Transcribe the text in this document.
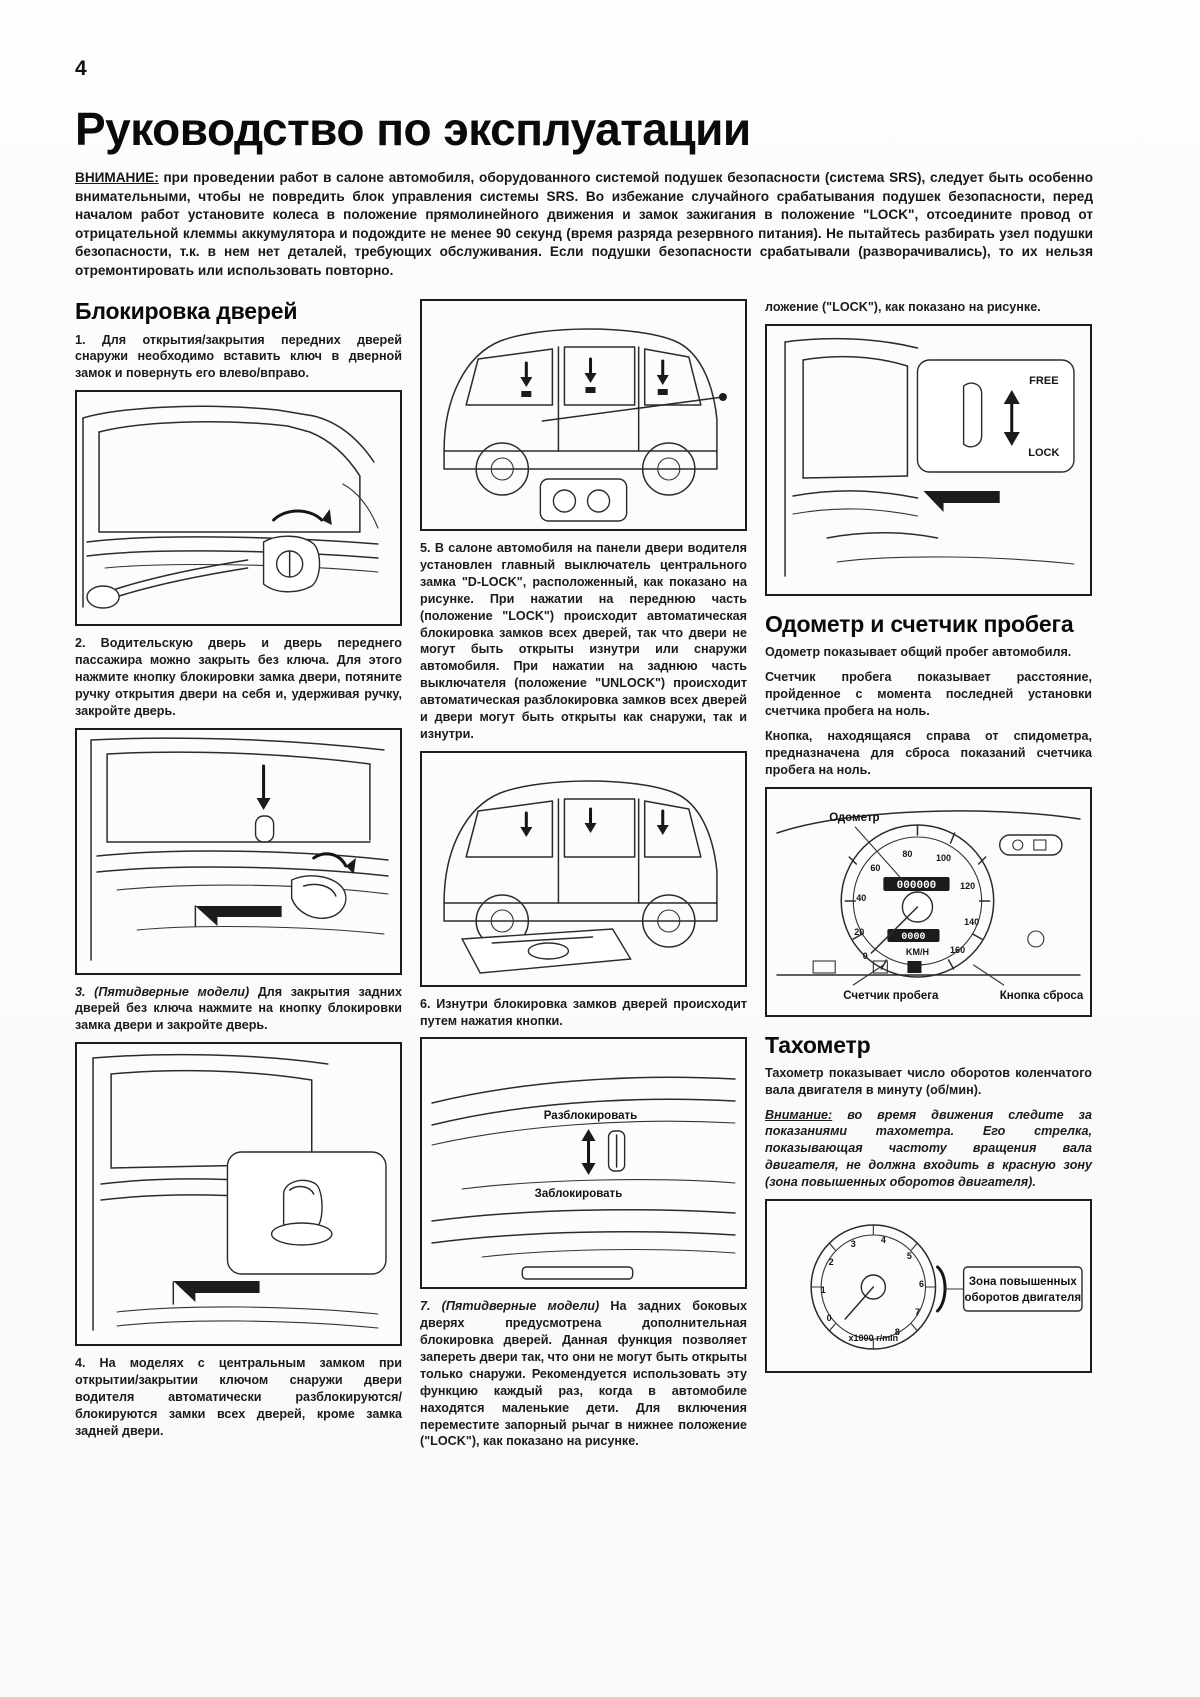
4
Руководство по эксплуатации
ВНИМАНИЕ: при проведении работ в салоне автомобиля, оборудованного системой подушек безопасности (система SRS), следует быть особенно внимательными, чтобы не повредить блок управления системы SRS. Во избежание случайного срабатывания подушек безопасности, перед началом работ установите колеса в положение прямолинейного движения и замок зажигания в положение "LOCK", отсоедините провод от отрицательной клеммы аккумулятора и подождите не менее 90 секунд (время разряда резервного питания). Не пытайтесь разбирать узел подушки безопасности, т.к. в нем нет деталей, требующих обслуживания. Если подушки безопасности срабатывали (разворачивались), то их нельзя отремонтировать или использовать повторно.
Блокировка дверей

1. Для открытия/закрытия передних дверей снаружи необходимо вставить ключ в дверной замок и повернуть его влево/вправо.

2. Водительскую дверь и дверь переднего пассажира можно закрыть без ключа. Для этого нажмите кнопку блокировки замка двери, потяните ручку открытия двери на себя и, удерживая ручку, закройте дверь.

3. (Пятидверные модели) Для закрытия задних дверей без ключа нажмите на кнопку блокировки замка двери и закройте дверь.

4. На моделях с центральным замком при открытии/закрытии ключом снаружи двери водителя автоматически разблокируются/блокируются замки всех дверей, кроме замка задней двери.

5. В салоне автомобиля на панели двери водителя установлен главный выключатель центрального замка "D-LOCK", расположенный, как показано на рисунке. При нажатии на переднюю часть (положение "LOCK") происходит автоматическая блокировка замков всех дверей, так что двери не могут быть открыты изнутри или снаружи автомобиля. При нажатии на заднюю часть выключателя (положение "UNLOCK") происходит автоматическая разблокировка замков всех дверей и двери могут быть открыты как снаружи, так и изнутри.

6. Изнутри блокировка замков дверей происходит путем нажатия кнопки.

Разблокировать
Заблокировать

7. (Пятидверные модели) На задних боковых дверях предусмотрена дополнительная блокировка дверей. Данная функция позволяет запереть двери так, что они не могут быть открыты только снаружи. Рекомендуется использовать эту функцию каждый раз, когда в автомобиле находятся маленькие дети. Для включения переместите запорный рычаг в нижнее положение ("LOCK"), как показано на рисунке.

ложение ("LOCK"), как показано на рисунке.

FREE
LOCK
Одометр и счетчик пробега

Одометр показывает общий пробег автомобиля.

Счетчик пробега показывает расстояние, пройденное с момента последней установки счетчика пробега на ноль.

Кнопка, находящаяся справа от спидометра, предназначена для сброса показаний счетчика пробега на ноль.

0
20
40
60
80	100
120
140
160
000000
0000
KM/H
Одометр
Счетчик пробега	Кнопка сброса
Тахометр

Тахометр показывает число оборотов коленчатого вала двигателя в минуту (об/мин).

Внимание: во время движения следите за показаниями тахометра. Его стрелка, показывающая частоту вращения вала двигателя, не должна входить в красную зону (зона повышенных оборотов двигателя).

0
1
2
3	4
5
6
7
8
x1000 r/min
Зона повышенных
оборотов двигателя
